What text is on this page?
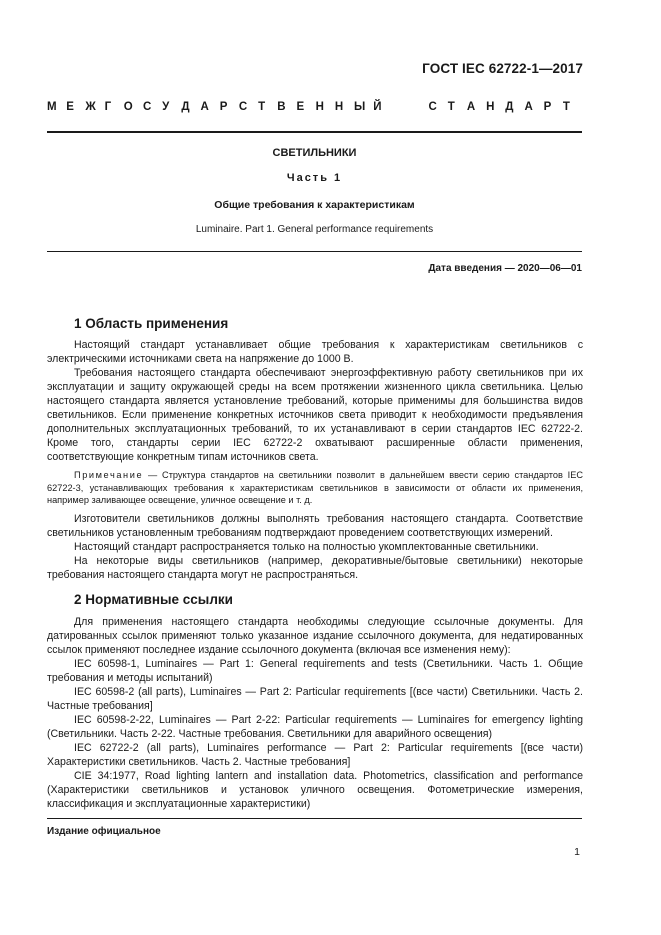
ГОСТ IEC 62722-1—2017
М Е	Ж Г	О С У	Д А Р	С Т	В Е	Н Н Ы Й	С Т	А Н Д А Р	Т
СВЕТИЛЬНИКИ
Часть 1
Общие требования к характеристикам
Luminaire. Part 1. General performance requirements
Дата введения — 2020—06—01
1 Область применения

Настоящий стандарт устанавливает общие требования к характеристикам светильников с электрическими источниками света на напряжение до 1000 В.

Требования настоящего стандарта обеспечивают энергоэффективную работу светильников при их эксплуатации и защиту окружающей среды на всем протяжении жизненного цикла светильника. Целью настоящего стандарта является установление требований, которые применимы для большинства видов светильников. Если применение конкретных источников света приводит к необходимости предъявления дополнительных эксплуатационных требований, то их устанавливают в серии стандартов IEC 62722-2. Кроме того, стандарты серии IEC 62722-2 охватывают расширенные области применения, соответствующие конкретным типам источников света.

Примечание — Структура стандартов на светильники позволит в дальнейшем ввести серию стандартов IEC 62722-3, устанавливающих требования к характеристикам светильников в зависимости от области их применения, например заливающее освещение, уличное освещение и т. д.

Изготовители светильников должны выполнять требования настоящего стандарта. Соответствие светильников установленным требованиям подтверждают проведением соответствующих измерений.

Настоящий стандарт распространяется только на полностью укомплектованные светильники.

На некоторые виды светильников (например, декоративные/бытовые светильники) некоторые требования настоящего стандарта могут не распространяться.

2 Нормативные ссылки

Для применения настоящего стандарта необходимы следующие ссылочные документы. Для датированных ссылок применяют только указанное издание ссылочного документа, для недатированных ссылок применяют последнее издание ссылочного документа (включая все изменения нему):

IEC 60598-1, Luminaires — Part 1: General requirements and tests (Светильники. Часть 1. Общие требования и методы испытаний)

IEC 60598-2 (all parts), Luminaires — Part 2: Particular requirements [(все части) Светильники. Часть 2. Частные требования]

IEC 60598-2-22, Luminaires — Part 2-22: Particular requirements — Luminaires for emergency lighting (Светильники. Часть 2-22. Частные требования. Светильники для аварийного освещения)

IEC 62722-2 (all parts), Luminaires performance — Part 2: Particular requirements [(все части) Характеристики светильников. Часть 2. Частные требования]

CIE 34:1977, Road lighting lantern and installation data. Photometrics, classification and performance (Характеристики светильников и установок уличного освещения. Фотометрические измерения, классификация и эксплуатационные характеристики)

Издание официальное
1
